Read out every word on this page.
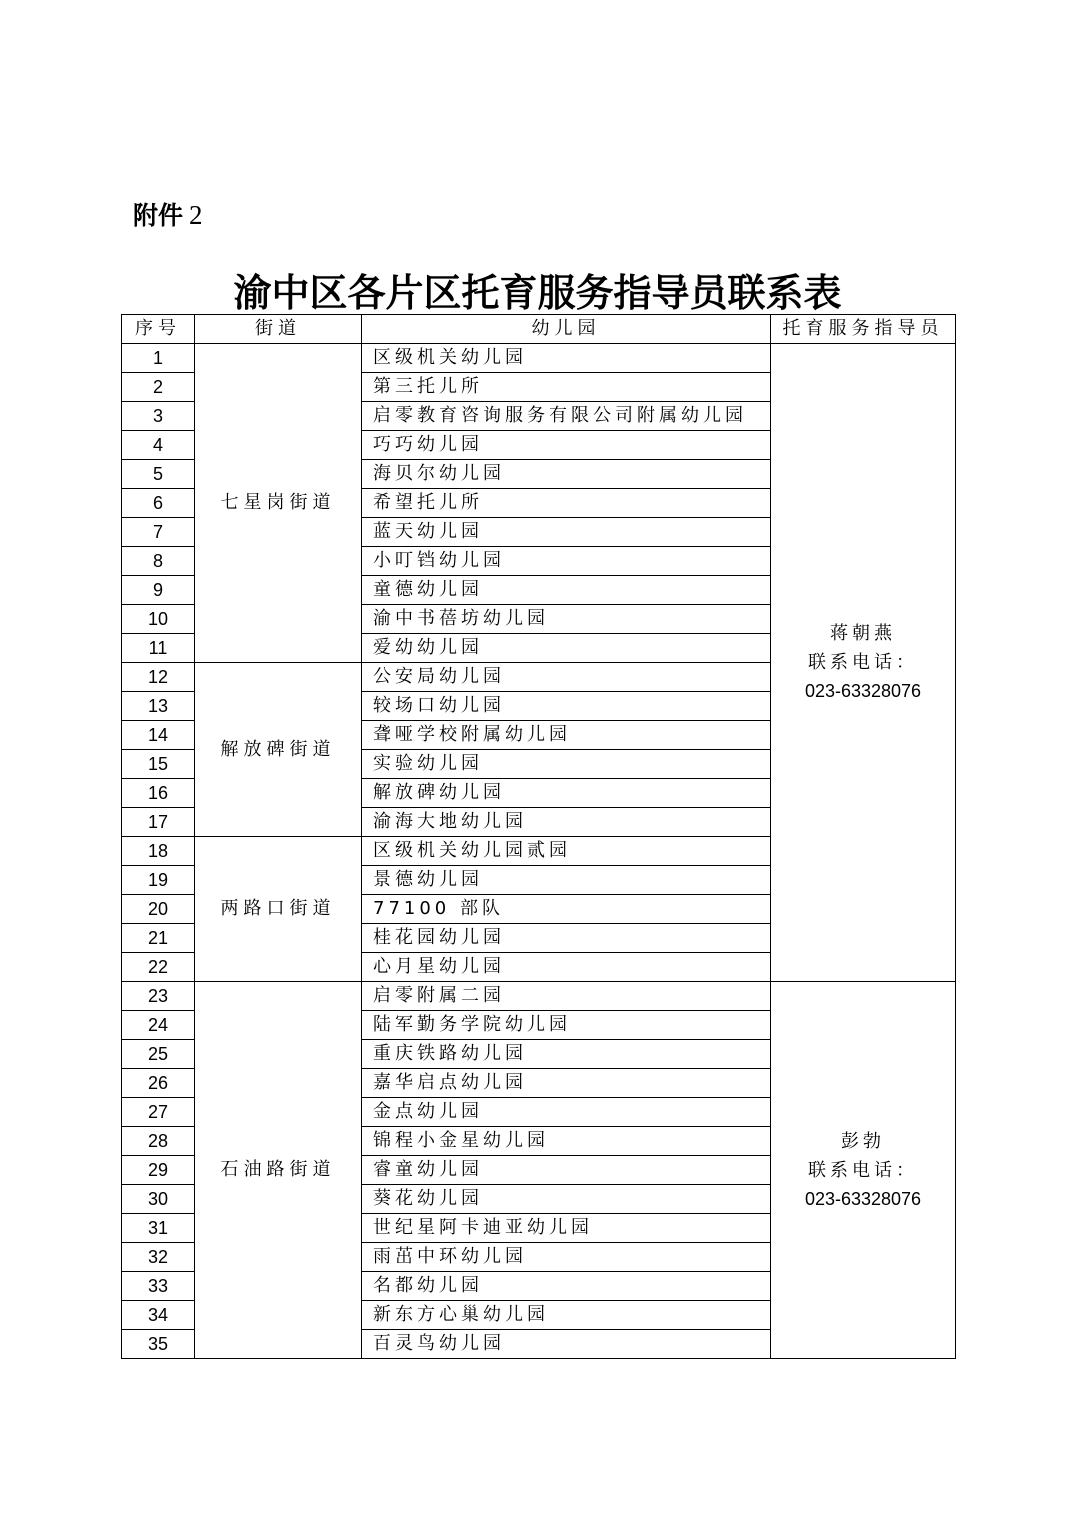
附件 2
渝中区各片区托育服务指导员联系表
序号	街道	幼儿园	托育服务指导员
1	七星岗街道	区级机关幼儿园	蒋朝燕
联系电话：
023-63328076

2		第三托儿所	
3		启零教育咨询服务有限公司附属幼儿园	
4		巧巧幼儿园	
5		海贝尔幼儿园	
6		希望托儿所	
7		蓝天幼儿园	
8		小叮铛幼儿园	
9		童德幼儿园	
10		渝中书蓓坊幼儿园	
11		爱幼幼儿园	
12	解放碑街道	公安局幼儿园	
13		较场口幼儿园	
14		聋哑学校附属幼儿园	
15		实验幼儿园	
16		解放碑幼儿园	
17		渝海大地幼儿园	
18	两路口街道	区级机关幼儿园贰园	
19		景德幼儿园	
20		77100 部队	
21		桂花园幼儿园	
22		心月星幼儿园	
23	石油路街道	启零附属二园	彭勃
联系电话：
023-63328076

24		陆军勤务学院幼儿园	
25		重庆铁路幼儿园	
26		嘉华启点幼儿园	
27		金点幼儿园	
28		锦程小金星幼儿园	
29		睿童幼儿园	
30		葵花幼儿园	
31		世纪星阿卡迪亚幼儿园	
32		雨茁中环幼儿园	
33		名都幼儿园	
34		新东方心巢幼儿园	
35		百灵鸟幼儿园	
